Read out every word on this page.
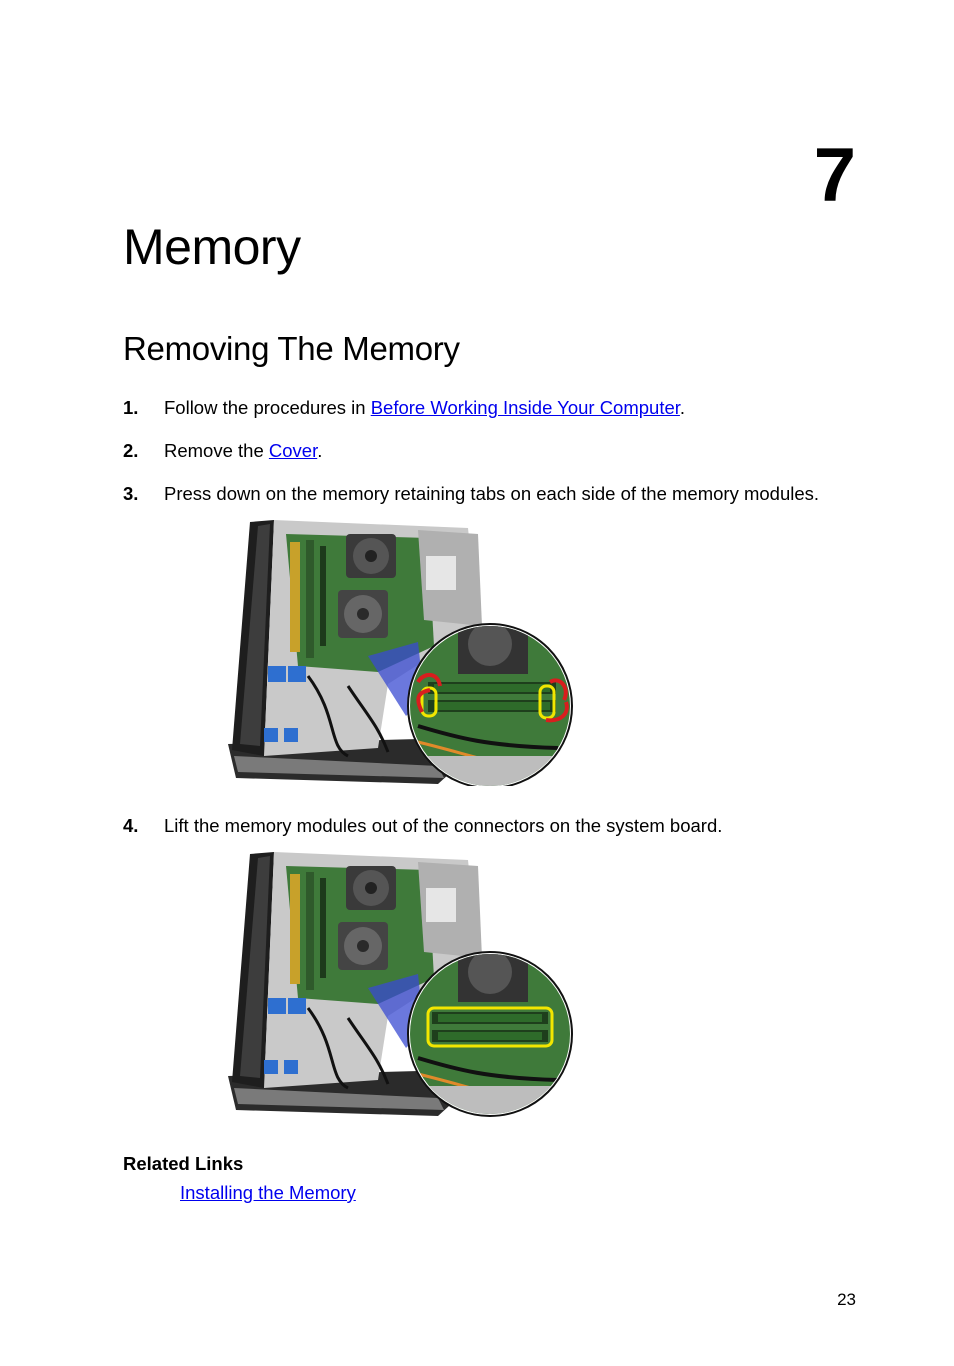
7
Memory
Removing The Memory
1. Follow the procedures in Before Working Inside Your Computer.
2. Remove the Cover.
3. Press down on the memory retaining tabs on each side of the memory modules.
4. Lift the memory modules out of the connectors on the system board.
Related Links
Installing the Memory
23
